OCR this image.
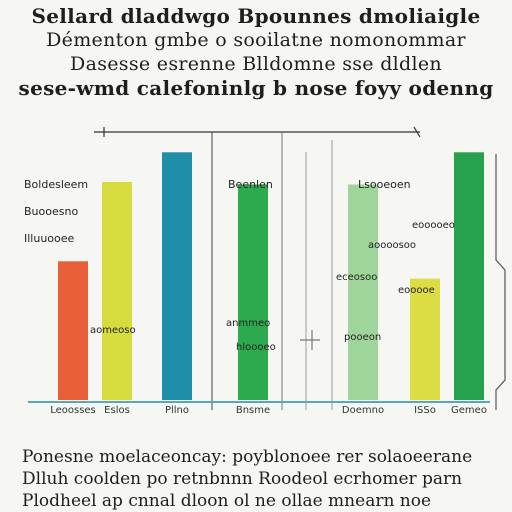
Sellard dladdwgo Bpounnes dmoliaigle
Démenton gmbe o sooilatne nomonommar
Dasesse esrenne Blldomne sse dldlen
sese-wmd calefoninlg b nose foyy odenng
Leoosses Eslos	Pllno
Boldesleem
Buooesno
Illuuooee
aomeoso
Bnsme
Beenlen
anmmeo
hloooeo
Doemno	ISSo Gemeo
Lsooeoen
eooooeo
aoooosoo
eceosoo
eooooe
pooeon
Ponesne moelaceoncay: poyblonoee rer solaoeerane
Dlluh coolden po retnbnnn Roodeol ecrhomer parn
Plodheel ap cnnal dloon ol ne ollae mnearn noe
